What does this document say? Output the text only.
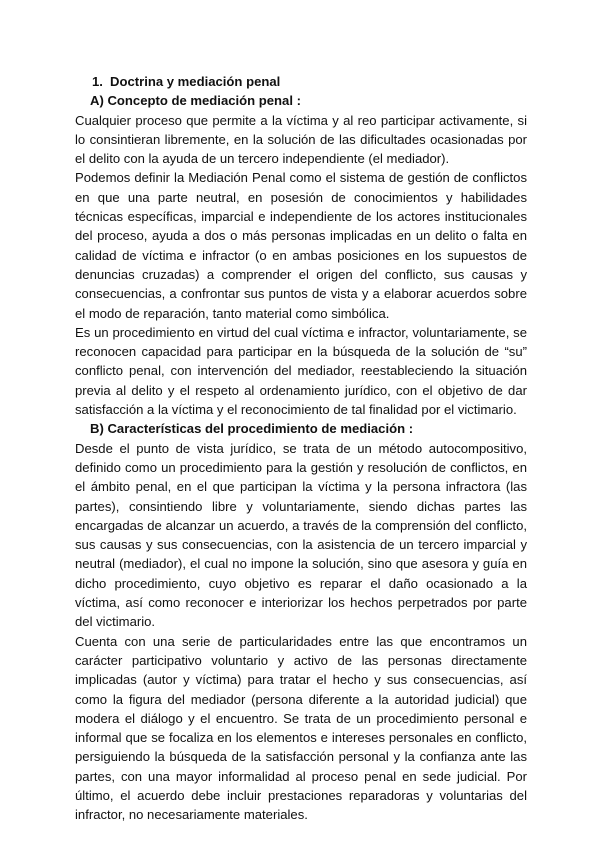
1. Doctrina y mediación penal
A) Concepto de mediación penal :

Cualquier proceso que permite a la víctima y al reo participar activamente, si lo consintieran libremente, en la solución de las dificultades ocasionadas por el delito con la ayuda de un tercero independiente (el mediador).

Podemos definir la Mediación Penal como el sistema de gestión de conflictos en que una parte neutral, en posesión de conocimientos y habilidades técnicas específicas, imparcial e independiente de los actores institucionales del proceso, ayuda a dos o más personas implicadas en un delito o falta en calidad de víctima e infractor (o en ambas posiciones en los supuestos de denuncias cruzadas) a comprender el origen del conflicto, sus causas y consecuencias, a confrontar sus puntos de vista y a elaborar acuerdos sobre el modo de reparación, tanto material como simbólica.

Es un procedimiento en virtud del cual víctima e infractor, voluntariamente, se reconocen capacidad para participar en la búsqueda de la solución de “su” conflicto penal, con intervención del mediador, reestableciendo la situación previa al delito y el respeto al ordenamiento jurídico, con el objetivo de dar satisfacción a la víctima y el reconocimiento de tal finalidad por el victimario.

B) Características del procedimiento de mediación :

Desde el punto de vista jurídico, se trata de un método autocompositivo, definido como un procedimiento para la gestión y resolución de conflictos, en el ámbito penal, en el que participan la víctima y la persona infractora (las partes), consintiendo libre y voluntariamente, siendo dichas partes las encargadas de alcanzar un acuerdo, a través de la comprensión del conflicto, sus causas y sus consecuencias, con la asistencia de un tercero imparcial y neutral (mediador), el cual no impone la solución, sino que asesora y guía en dicho procedimiento, cuyo objetivo es reparar el daño ocasionado a la víctima, así como reconocer e interiorizar los hechos perpetrados por parte del victimario.

Cuenta con una serie de particularidades entre las que encontramos un carácter participativo voluntario y activo de las personas directamente implicadas (autor y víctima) para tratar el hecho y sus consecuencias, así como la figura del mediador (persona diferente a la autoridad judicial) que modera el diálogo y el encuentro. Se trata de un procedimiento personal e informal que se focaliza en los elementos e intereses personales en conflicto, persiguiendo la búsqueda de la satisfacción personal y la confianza ante las partes, con una mayor informalidad al proceso penal en sede judicial. Por último, el acuerdo debe incluir prestaciones reparadoras y voluntarias del infractor, no necesariamente materiales.
